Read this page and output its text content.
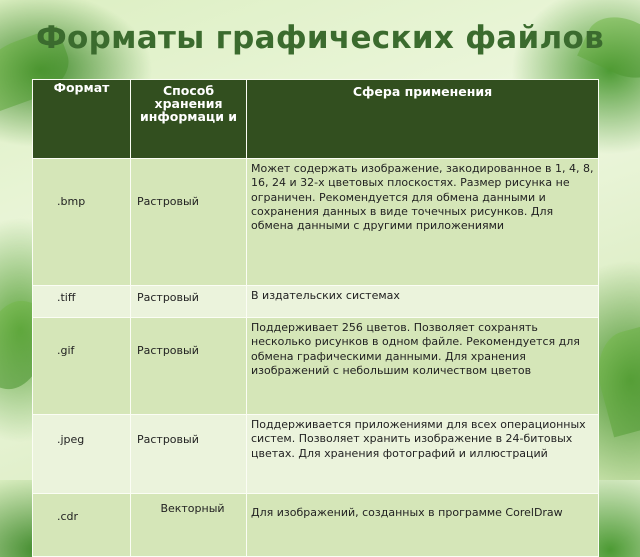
Форматы графических файлов
Формат	Способ хранения информаци и	Сфера применения
.bmp	Растровый	Может содержать изображение, закодированное в 1, 4, 8, 16, 24 и 32-х цветовых плоскостях. Размер рисунка не ограничен. Рекомендуется для обмена данными и сохранения данных в виде точечных рисунков. Для обмена данными с другими приложениями
.tiff	Растровый	В издательских системах
.gif	Растровый	Поддерживает 256 цветов. Позволяет сохранять несколько рисунков в одном файле. Рекомендуется для обмена графическими данными. Для хранения изображений с небольшим количеством цветов
.jpeg	Растровый	Поддерживается приложениями для всех операционных систем. Позволяет хранить изображение в 24-битовых цветах. Для хранения фотографий и иллюстраций
.cdr	Векторный	Для изображений, созданных в программе CorelDraw
